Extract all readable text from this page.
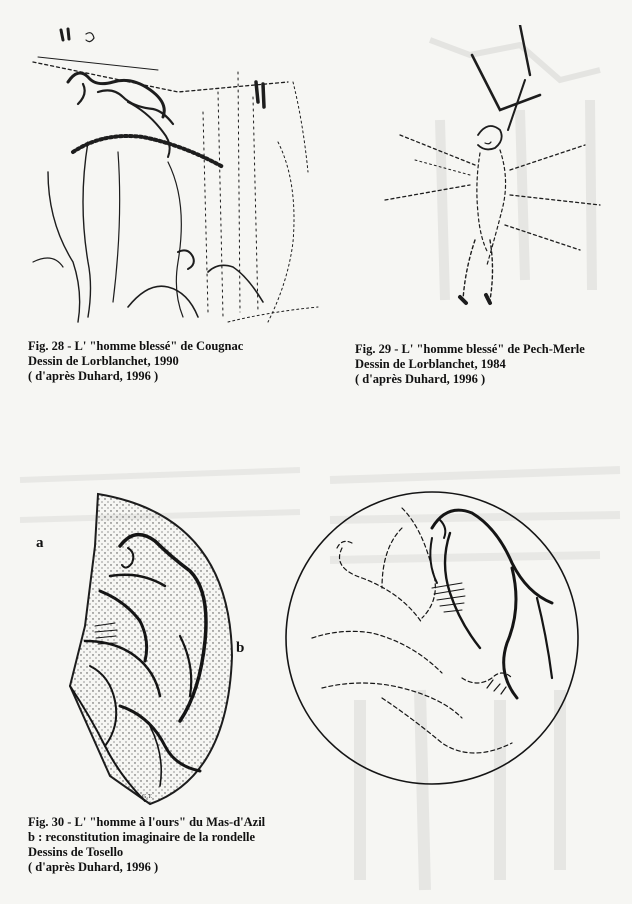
Fig. 28 - L' "homme blessé" de Cougnac
Dessin de Lorblanchet, 1990
( d'après Duhard, 1996 )
Fig. 29 - L' "homme blessé" de Pech-Merle
Dessin de Lorblanchet, 1984
( d'après Duhard, 1996 )
a
b
G.T.
Fig. 30 - L' "homme à l'ours" du Mas-d'Azil
b : reconstitution imaginaire de la rondelle
Dessins de Tosello
( d'après Duhard, 1996 )
